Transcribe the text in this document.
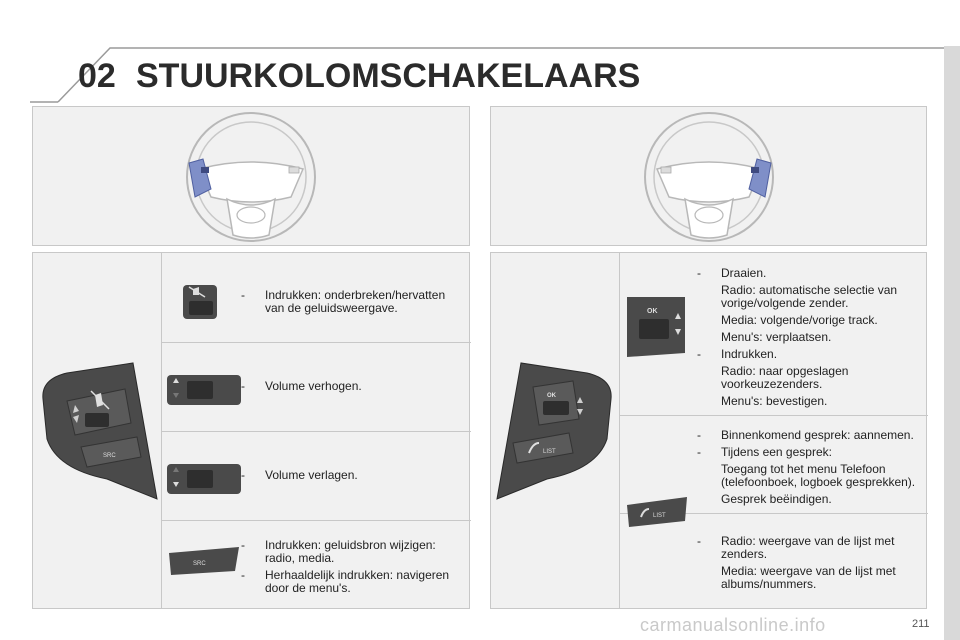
02 STUURKOLOMSCHAKELAARS
SRC
SRC
- Indrukken: onderbreken/hervatten van de geluidsweergave.
- Volume verhogen.
- Volume verlagen.
- Indrukken: geluidsbron wijzigen: radio, media.
- Herhaaldelijk indrukken: navigeren door de menu's.
OK
LIST
OK
LIST
- Draaien.
Radio: automatische selectie van vorige/volgende zender.
Media: volgende/vorige track.
Menu's: verplaatsen.
- Indrukken.
Radio: naar opgeslagen voorkeuzezenders.
Menu's: bevestigen.
- Binnenkomend gesprek: aannemen.
- Tijdens een gesprek:
Toegang tot het menu Telefoon (telefoonboek, logboek gesprekken).
Gesprek beëindigen.
- Radio: weergave van de lijst met zenders.
Media: weergave van de lijst met albums/nummers.
carmanualsonline.info	211
